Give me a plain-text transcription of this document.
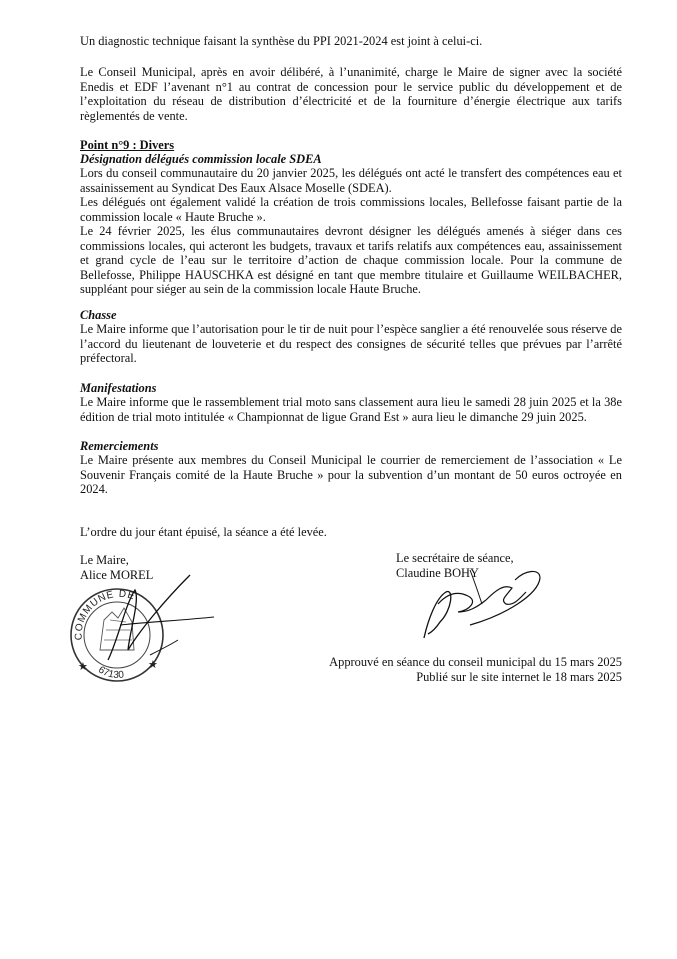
Un diagnostic technique faisant la synthèse du PPI 2021-2024 est joint à celui-ci.

Le Conseil Municipal, après en avoir délibéré, à l’unanimité, charge le Maire de signer avec la société Enedis et EDF l’avenant n°1 au contrat de concession pour le service public du développement et de l’exploitation du réseau de distribution d’électricité et de la fourniture d’énergie électrique aux tarifs règlementés de vente.

Point n°9 : Divers

Désignation délégués commission locale SDEA

Lors du conseil communautaire du 20 janvier 2025, les délégués ont acté le transfert des compétences eau et assainissement au Syndicat Des Eaux Alsace Moselle (SDEA).

Les délégués ont également validé la création de trois commissions locales, Bellefosse faisant partie de la commission locale « Haute Bruche ».

Le 24 février 2025, les élus communautaires devront désigner les délégués amenés à siéger dans ces commissions locales, qui acteront les budgets, travaux et tarifs relatifs aux compétences eau, assainissement et grand cycle de l’eau sur le territoire d’action de chaque commission locale. Pour la commune de Bellefosse, Philippe HAUSCHKA est désigné en tant que membre titulaire et Guillaume WEILBACHER, suppléant pour siéger au sein de la commission locale Haute Bruche.

Chasse

Le Maire informe que l’autorisation pour le tir de nuit pour l’espèce sanglier a été renouvelée sous réserve de l’accord du lieutenant de louveterie et du respect des consignes de sécurité telles que prévues par l’arrêté préfectoral.

Manifestations

Le Maire informe que le rassemblement trial moto sans classement aura lieu le samedi 28 juin 2025 et la 38e édition de trial moto intitulée « Championnat de ligue Grand Est » aura lieu le dimanche 29 juin 2025.

Remerciements

Le Maire présente aux membres du Conseil Municipal le courrier de remerciement de l’association « Le Souvenir Français comité de la Haute Bruche » pour la subvention d’un montant de 50 euros octroyée en 2024.

L’ordre du jour étant épuisé, la séance a été levée.

Le Maire,
Alice MOREL
Le secrétaire de séance,
Claudine BOHY
COMMUNE DE
67130
★	★	Approuvé en séance du conseil municipal du 15 mars 2025
Publié sur le site internet le 18 mars 2025
